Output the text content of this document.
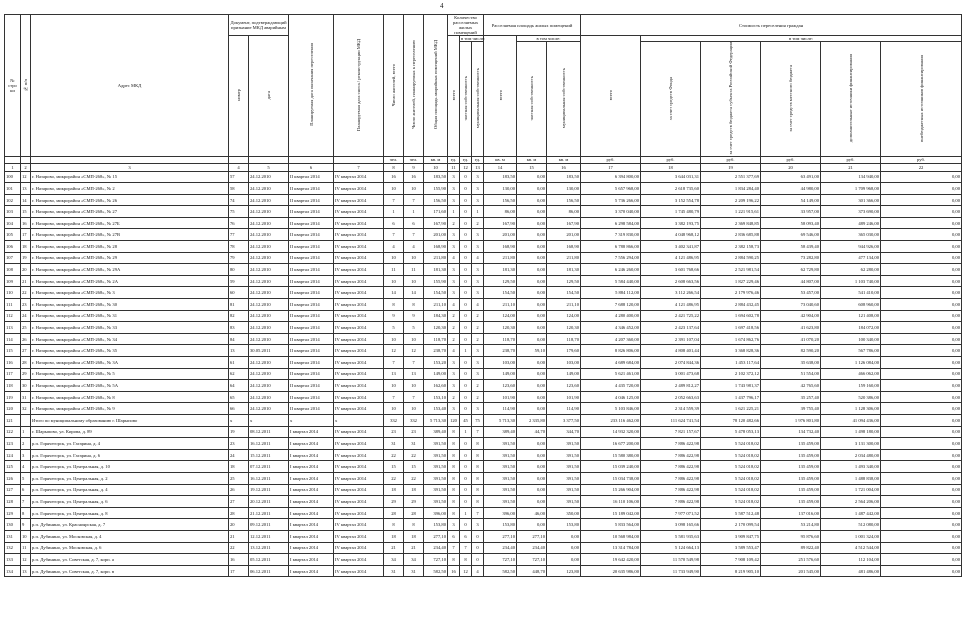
4
№ стро ки	№ п/п	Адрес МКД	Документ, подтверждающий признание МКД аварийным		Планируемая дата окончания переселения	Планируемая дата сноса / реконструкции МКД	Число жителей, всего	Число жителей, планируемых к переселению	Общая площадь аварийных помещений МКД	Количество расселяемых жилых помещений			Расселяемая площадь жилых помещений			Стоимость переселения граждан					
			номер	дата						всего	в том числе:		всего	в том числе:		всего	в том числе:				
											частная собственность	муниципальная собственность		частная собственность	муниципальная собственность		за счет средств Фонда	за счет средств бюджета субъекта Российской Федерации	за счет средств местного бюджета	дополнительные источники финансирования	внебюджетных источников финансирования
							чел.	чел.	кв. м	ед.	ед.	ед.	кв. м	кв. м	кв. м	руб.	руб.	руб.	руб.	руб.	руб.
1	2	3	4	5	6	7	8	9	10	11	12	13	14	15	16	17	18	19	20	21	22
100	12	г. Назарово, микрорайон «СМП-268», № 15	57	24.12.2010	II квартал 2014	IV квартал 2014	16	16	183,50	3	0	3	183,50	0,00	183,50	6 394 800,00	3 644 031,31	2 551 377,69	63 491,00	134 940,00	0,00
101	13	г. Назарово, микрорайон «СМП-268», № 2	58	24.12.2010	II квартал 2014	IV квартал 2014	10	10	155,90	3	0	3	130,00	0,00	130,00	5 657 968,00	2 618 735,60	1 834 284,40	44 980,00	1 709 968,00	0,00
102	14	г. Назарово, микрорайон «СМП-268», № 26	74	24.12.2010	II квартал 2014	IV квартал 2014	7	7	156,50	3	0	3	156,50	0,00	156,50	5 736 266,00	3 152 554,78	2 209 196,22	54 149,00	301 366,00	0,00
103	15	г. Назарово, микрорайон «СМП-268», № 27	75	24.12.2010	II квартал 2014	IV квартал 2014	1	1	171,60	1	0	1	86,00	0,00	86,00	3 370 040,00	1 745 480,79	1 221 915,61	33 957,00	373 690,00	0,00
104	16	г. Назарово, микрорайон «СМП-268», № 27Б	76	24.12.2010	II квартал 2014	IV квартал 2014	6	6	167,90	2	0	2	167,90	0,00	167,90	6 298 584,00	3 382 193,75	2 369 848,85	58 093,40	489 246,00	0,00
105	17	г. Назарово, микрорайон «СМП-268», № 27В	77	24.12.2010	II квартал 2014	IV квартал 2014	7	7	201,00	3	0	3	201,00	0,00	201,00	7 319 830,00	4 048 968,12	2 836 685,88	69 546,00	365 030,00	0,00
106	18	г. Назарово, микрорайон «СМП-268», № 28	78	24.12.2010	II квартал 2014	IV квартал 2014	4	4	168,90	3	0	3	168,90	0,00	168,90	6 788 866,00	3 402 341,87	2 382 158,73	58 439,40	944 926,00	0,00
107	19	г. Назарово, микрорайон «СМП-268», № 29	79	24.12.2010	II квартал 2014	IV квартал 2014	10	10	211,80	4	0	4	211,80	0,00	211,80	7 556 294,00	4 121 486,95	2 884 590,25	73 282,80	477 134,00	0,00
108	20	г. Назарово, микрорайон «СМП-268», № 29А	80	24.12.2010	II квартал 2014	IV квартал 2014	11	11	181,30	3	0	3	181,30	0,00	181,30	6 246 260,00	3 601 768,66	2 521 981,54	62 729,80	62 280,00	0,00
109	21	г. Назарово, микрорайон «СМП-268», № 2А	59	24.12.2010	II квартал 2014	IV квартал 2014	10	10	155,90	3	0	3	129,50	0,00	129,50	5 584 440,00	2 608 663,56	1 827 229,46	44 807,00	1 103 740,00	0,00
110	22	г. Назарово, микрорайон «СМП-268», № 3	60	24.12.2010	II квартал 2014	IV квартал 2014	14	14	154,50	3	0	3	154,50	0,00	154,50	5 884 112,00	3 112 266,54	2 179 976,46	53 457,00	541 410,00	0,00
111	23	г. Назарово, микрорайон «СМП-268», № 30	81	24.12.2010	II квартал 2014	IV квартал 2014	8	8	211,10	4	0	4	211,10	0,00	211,10	7 688 120,00	4 121 486,95	2 884 432,45	73 040,60	608 960,00	0,00
112	24	г. Назарово, микрорайон «СМП-268», № 31	82	24.12.2010	II квартал 2014	IV квартал 2014	9	9	184,30	2	0	2	124,00	0,00	124,00	4 280 400,00	2 421 725,22	1 694 602,78	42 904,00	121 408,00	0,00
113	25	г. Назарово, микрорайон «СМП-268», № 33	83	24.12.2010	II квартал 2014	IV квартал 2014	5	5	120,30	2	0	2	120,30	0,00	120,30	4 346 452,00	2 423 137,64	1 697 418,56	41 623,80	184 072,00	0,00
114	26	г. Назарово, микрорайон «СМП-268», № 34	84	24.12.2010	II квартал 2014	IV квартал 2014	10	10	118,70	2	0	2	118,70	0,00	118,70	4 207 360,00	2 391 107,04	1 674 862,76	41 070,20	100 340,00	0,00
115	27	г. Назарово, микрорайон «СМП-268», № 35	13	30.05.2011	II квартал 2014	IV квартал 2014	12	12	238,70	4	1	3	238,70	59,10	179,60	8 826 806,00	4 808 401,44	3 368 828,36	82 590,20	567 786,00	0,00
116	28	г. Назарово, микрорайон «СМП-268», № 3А	61	24.12.2010	II квартал 2014	IV квартал 2014	7	7	153,20	3	0	3	103,00	0,00	103,00	4 689 684,00	2 074 844,36	1 453 117,64	35 638,00	1 126 084,00	0,00
117	29	г. Назарово, микрорайон «СМП-268», № 5	62	24.12.2010	II квартал 2014	IV квартал 2014	13	13	149,00	3	0	3	149,00	0,00	149,00	5 621 461,00	3 001 473,68	2 102 372,12	51 554,00	466 062,00	0,00
118	30	г. Назарово, микрорайон «СМП-268», № 5А	64	24.12.2010	II квартал 2014	IV квартал 2014	10	10	162,60	3	0	2	123,60	0,00	123,60	4 435 720,00	2 489 812,27	1 743 981,37	42 765,60	159 160,00	0,00
119	31	г. Назарово, микрорайон «СМП-268», № 8	65	24.12.2010	II квартал 2014	IV квартал 2014	7	7	153,10	2	0	2	101,90	0,00	101,90	4 046 125,00	2 052 663,63	1 437 796,17	35 257,40	520 386,00	0,00
120	32	г. Назарово, микрорайон «СМП-268», № 9	66	24.12.2010	II квартал 2014	IV квартал 2014	10	10	153,40	3	0	3	114,90	0,00	114,90	5 103 846,00	2 314 559,39	1 621 225,21	39 755,40	1 128 306,00	0,00
121		Итого по муниципальному образованию г. Шарыпово	x	x	x	x	332	332	5 713,30	120	45	75	5 713,30	2 335,80	3 377,50	233 116 462,00	111 624 741,54	78 120 482,66	1 976 801,80	41 094 436,00	0,00
122	1	г. Шарыпово, ул. Кирова, д. 89	19	08.12.2011	I квартал 2014	IV квартал 2014	23	23	389,40	8	1	7	389,40	44,70	344,70	14 932 320,00	7 821 157,67	5 478 053,13	134 732,40	1 498 180,00	0,00
123	2	р.п. Горячегорск, ул. Гагарина, д. 4	23	16.12.2011	I квартал 2014	IV квартал 2014	31	31	391,50	8	0	8	391,50	0,00	391,50	16 677 200,00	7 886 422,98	5 524 018,02	135 459,00	3 131 300,00	0,00
124	3	р.п. Горячегорск, ул. Гагарина, д. 6	24	15.12.2011	I квартал 2014	IV квартал 2014	22	22	391,50	8	0	8	391,50	0,00	391,50	15 580 380,00	7 886 422,98	5 524 018,02	135 459,00	2 034 480,00	0,00
125	4	р.п. Горячегорск, ул. Центральная, д. 10	18	07.12.2011	I квартал 2014	IV квартал 2014	15	15	391,50	8	0	8	391,50	0,00	391,50	15 039 240,00	7 886 422,98	5 524 018,02	135 459,00	1 493 340,00	0,00
126	5	р.п. Горячегорск, ул. Центральная, д. 2	25	16.12.2011	I квартал 2014	IV квартал 2014	22	22	391,50	8	0	8	391,50	0,00	391,50	15 034 738,00	7 886 422,98	5 524 018,02	135 459,00	1 488 838,00	0,00
127	6	р.п. Горячегорск, ул. Центральная, д. 4	26	19.12.2011	I квартал 2014	IV квартал 2014	18	18	391,50	8	0	8	391,50	0,00	391,50	15 266 904,00	7 886 422,98	5 524 018,02	135 459,00	1 721 004,00	0,00
128	7	р.п. Горячегорск, ул. Центральная, д. 6	27	20.12.2011	I квартал 2014	IV квартал 2014	29	29	391,50	8	0	8	391,50	0,00	391,50	16 110 106,00	7 886 422,98	5 524 018,02	135 459,00	2 564 206,00	0,00
129	8	р.п. Горячегорск, ул. Центральная, д. 8	28	21.12.2011	I квартал 2014	IV квартал 2014	28	28	396,00	8	1	7	396,00	46,00	350,00	15 189 042,00	7 977 071,52	5 587 512,48	137 016,00	1 487 442,00	0,00
130	9	р.п. Дубинино, ул. Красноярская, д. 7	20	09.12.2011	I квартал 2014	IV квартал 2014	8	8	153,80	3	0	3	153,80	0,00	153,80	5 833 564,00	3 098 165,66	2 170 099,54	53 214,80	512 080,00	0,00
131	10	р.п. Дубинино, ул. Московская, д. 4	21	12.12.2011	I квартал 2014	IV квартал 2014	18	18	277,10	6	6	0	277,10	277,10	0,00	10 568 984,00	5 581 935,63	3 909 847,75	95 876,60	1 001 324,00	0,00
132	11	р.п. Дубинино, ул. Московская, д. 6	22	13.12.2011	I квартал 2014	IV квартал 2014	21	21	234,40	7	7	0	234,40	234,40	0,00	13 314 784,00	5 124 664,13	3 589 553,47	89 822,40	4 512 544,00	0,00
133	12	р.п. Дубинино, ул. Советская, д. 7, корп. а	16	05.12.2011	I квартал 2014	IV квартал 2014	34	34	727,10	8	8	0	727,10	727,10	0,00	19 642 420,00	11 570 549,98	7 908 109,42	251 576,60	112 104,00	0,00
134	13	р.п. Дубинино, ул. Советская, д. 7, корп. в	17	06.12.2011	I квартал 2014	IV квартал 2014	31	31	582,50	16	12	4	582,50	448,70	123,80	20 635 986,00	11 733 949,90	8 219 905,10	201 545,00	481 486,00	0,00
